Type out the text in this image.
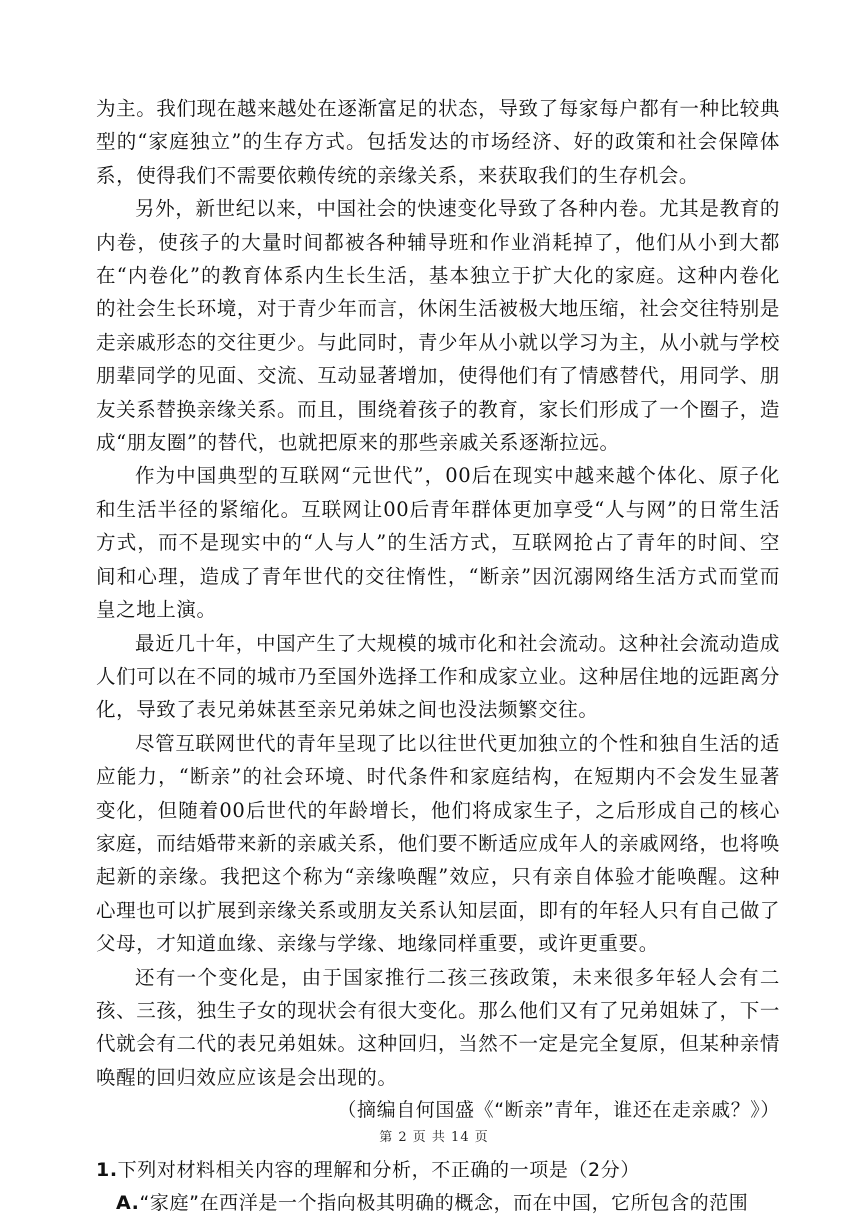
为主。我们现在越来越处在逐渐富足的状态，导致了每家每户都有一种比较典型的“家庭独立”的生存方式。包括发达的市场经济、好的政策和社会保障体系，使得我们不需要依赖传统的亲缘关系，来获取我们的生存机会。

另外，新世纪以来，中国社会的快速变化导致了各种内卷。尤其是教育的内卷，使孩子的大量时间都被各种辅导班和作业消耗掉了，他们从小到大都在“内卷化”的教育体系内生长生活，基本独立于扩大化的家庭。这种内卷化的社会生长环境，对于青少年而言，休闲生活被极大地压缩，社会交往特别是走亲戚形态的交往更少。与此同时，青少年从小就以学习为主，从小就与学校朋辈同学的见面、交流、互动显著增加，使得他们有了情感替代，用同学、朋友关系替换亲缘关系。而且，围绕着孩子的教育，家长们形成了一个圈子，造成“朋友圈”的替代，也就把原来的那些亲戚关系逐渐拉远。

作为中国典型的互联网“元世代”，00后在现实中越来越个体化、原子化和生活半径的紧缩化。互联网让00后青年群体更加享受“人与网”的日常生活方式，而不是现实中的“人与人”的生活方式，互联网抢占了青年的时间、空间和心理，造成了青年世代的交往惰性，“断亲”因沉溺网络生活方式而堂而皇之地上演。

最近几十年，中国产生了大规模的城市化和社会流动。这种社会流动造成人们可以在不同的城市乃至国外选择工作和成家立业。这种居住地的远距离分化，导致了表兄弟妹甚至亲兄弟妹之间也没法频繁交往。

尽管互联网世代的青年呈现了比以往世代更加独立的个性和独自生活的适应能力，“断亲”的社会环境、时代条件和家庭结构，在短期内不会发生显著变化，但随着00后世代的年龄增长，他们将成家生子，之后形成自己的核心家庭，而结婚带来新的亲戚关系，他们要不断适应成年人的亲戚网络，也将唤起新的亲缘。我把这个称为“亲缘唤醒”效应，只有亲自体验才能唤醒。这种心理也可以扩展到亲缘关系或朋友关系认知层面，即有的年轻人只有自己做了父母，才知道血缘、亲缘与学缘、地缘同样重要，或许更重要。

还有一个变化是，由于国家推行二孩三孩政策，未来很多年轻人会有二孩、三孩，独生子女的现状会有很大变化。那么他们又有了兄弟姐妹了，下一代就会有二代的表兄弟姐妹。这种回归，当然不一定是完全复原，但某种亲情唤醒的回归效应应该是会出现的。

（摘编自何国盛《“断亲”青年，谁还在走亲戚？》）

1.下列对材料相关内容的理解和分析，不正确的一项是（2分）

A.“家庭”在西洋是一个指向极其明确的概念，而在中国，它所包含的范围

第 2 页 共 14 页
